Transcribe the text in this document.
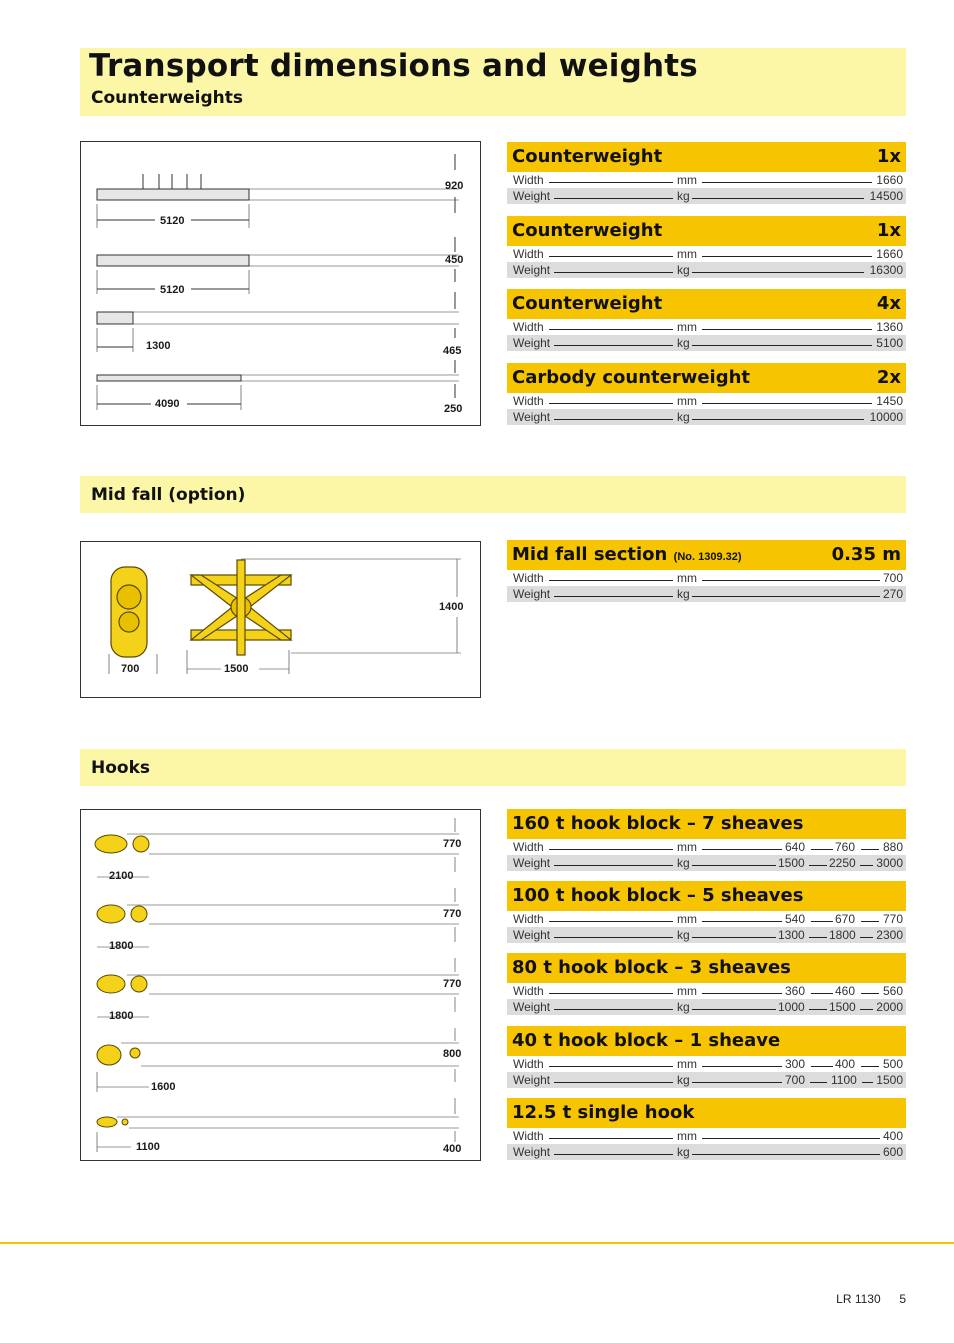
Transport dimensions and weights
Counterweights
920
5120
450
5120
1300	465
4090	250
Counterweight	1x
Width	mm	1660
Weight	kg	14500
Counterweight	1x
Width	mm	1660
Weight	kg	16300
Counterweight	4x
Width	mm	1360
Weight	kg	5100
Carbody counterweight	2x
Width	mm	1450
Weight	kg	10000
Mid fall (option)
1400
700	1500
Mid fall section (No. 1309.32)	0.35 m
Width	mm	700
Weight	kg	270
Hooks
770
2100
770
1800
770
1800
800
1600
400
1100
160 t hook block – 7 sheaves
Width	mm	640 760 880
Weight	kg	1500 2250 3000
100 t hook block – 5 sheaves
Width	mm	540 670 770
Weight	kg	1300 1800 2300
80 t hook block – 3 sheaves
Width	mm	360 460 560
Weight	kg	1000 1500 2000
40 t hook block – 1 sheave
Width	mm	300 400 500
Weight	kg	700 1100 1500
12.5 t single hook
Width	mm	400
Weight	kg	600
LR 1130 5
